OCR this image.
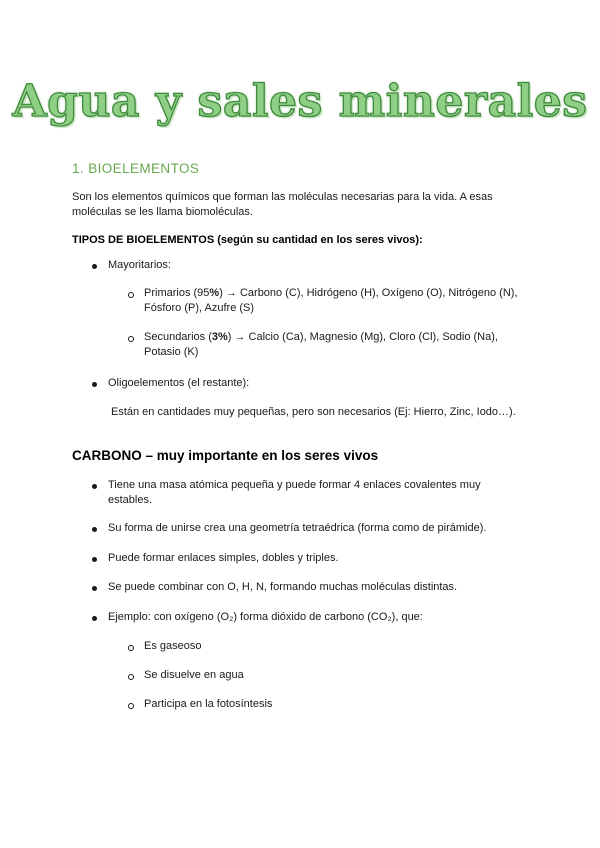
Agua y sales minerales
1. BIOELEMENTOS

Son los elementos químicos que forman las moléculas necesarias para la vida. A esas moléculas se les llama biomoléculas.

TIPOS DE BIOELEMENTOS (según su cantidad en los seres vivos):

Mayoritarios:
Primarios (95%) → Carbono (C), Hidrógeno (H), Oxígeno (O), Nitrógeno (N), Fósforo (P), Azufre (S)
Secundarios (3%) → Calcio (Ca), Magnesio (Mg), Cloro (Cl), Sodio (Na), Potasio (K)
Oligoelementos (el restante):
Están en cantidades muy pequeñas, pero son necesarios (Ej: Hierro, Zinc, Iodo…).
CARBONO – muy importante en los seres vivos
Tiene una masa atómica pequeña y puede formar 4 enlaces covalentes muy estables.
Su forma de unirse crea una geometría tetraédrica (forma como de pirámide).
Puede formar enlaces simples, dobles y triples.
Se puede combinar con O, H, N, formando muchas moléculas distintas.
Ejemplo: con oxígeno (O₂) forma dióxido de carbono (CO₂), que:
Es gaseoso
Se disuelve en agua
Participa en la fotosíntesis
